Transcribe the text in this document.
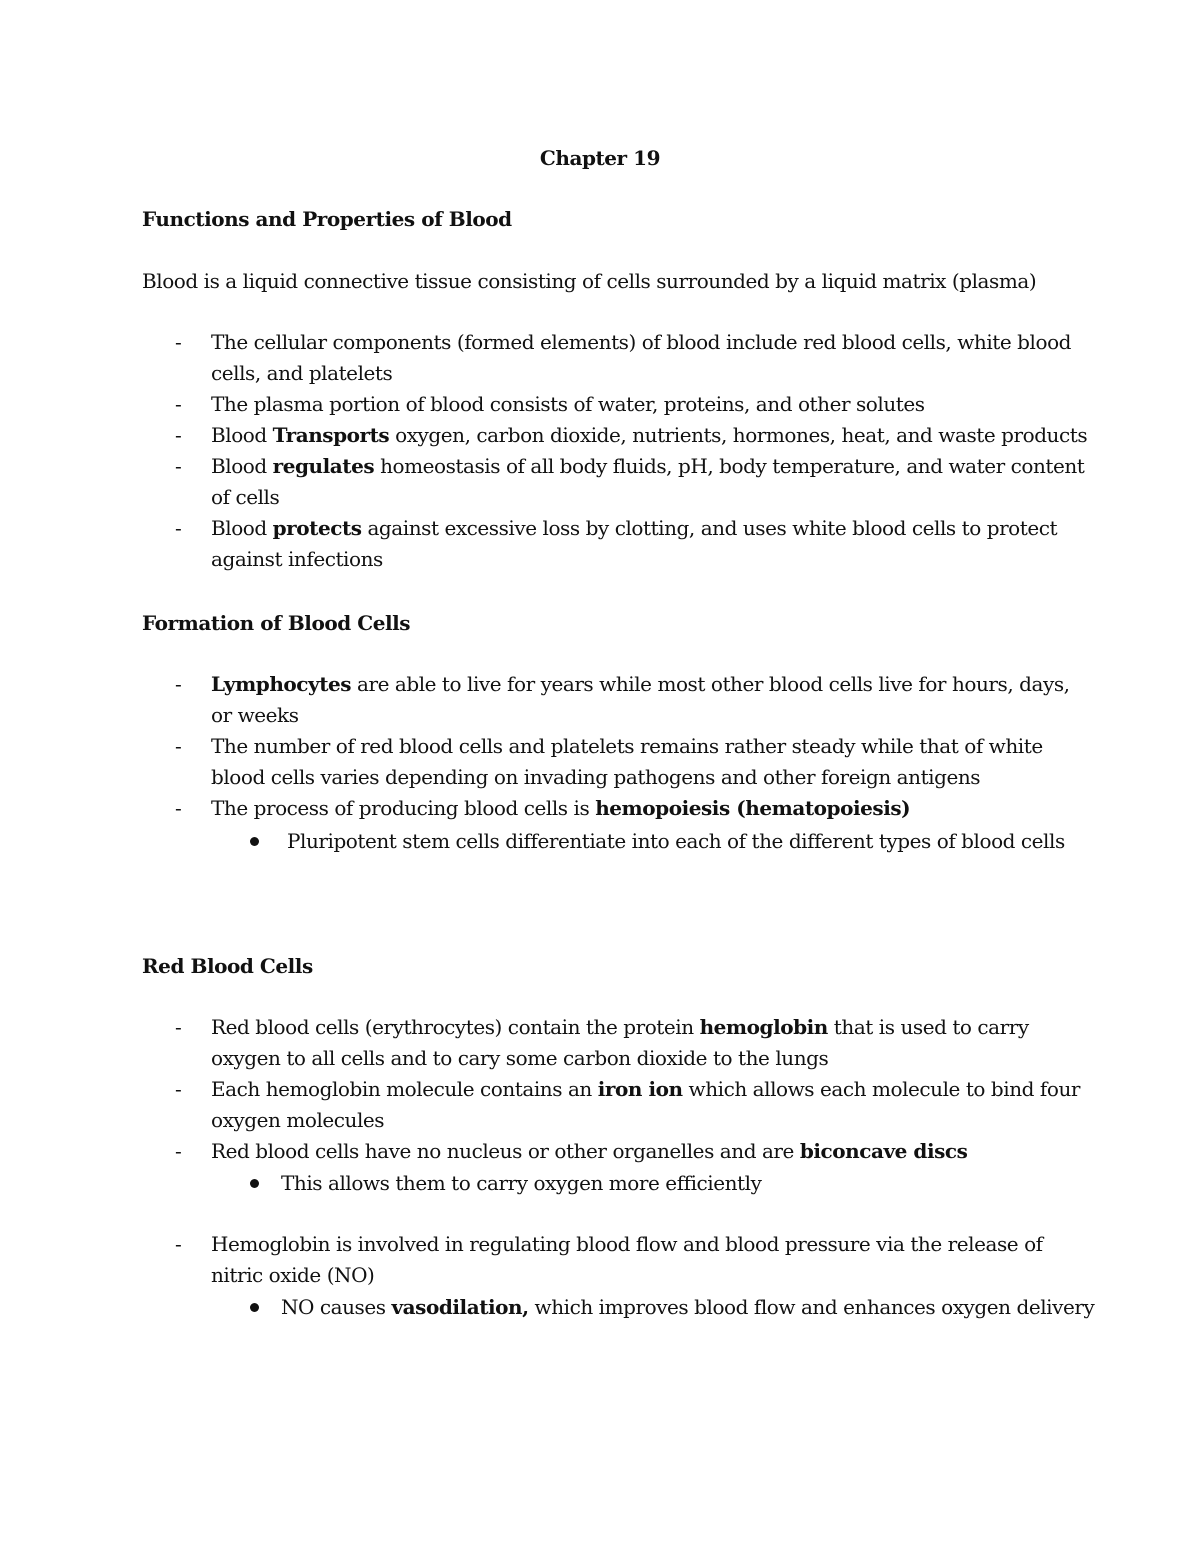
Chapter 19
Functions and Properties of Blood
Blood is a liquid connective tissue consisting of cells surrounded by a liquid matrix (plasma)
- The cellular components (formed elements) of blood include red blood cells, white blood cells, and platelets
- The plasma portion of blood consists of water, proteins, and other solutes
- Blood Transports oxygen, carbon dioxide, nutrients, hormones, heat, and waste products
- Blood regulates homeostasis of all body fluids, pH, body temperature, and water content of cells
- Blood protects against excessive loss by clotting, and uses white blood cells to protect against infections
Formation of Blood Cells
- Lymphocytes are able to live for years while most other blood cells live for hours, days, or weeks
- The number of red blood cells and platelets remains rather steady while that of white blood cells varies depending on invading pathogens and other foreign antigens
- The process of producing blood cells is hemopoiesis (hematopoiesis)
Pluripotent stem cells differentiate into each of the different types of blood cells
Red Blood Cells
- Red blood cells (erythrocytes) contain the protein hemoglobin that is used to carry oxygen to all cells and to cary some carbon dioxide to the lungs
- Each hemoglobin molecule contains an iron ion which allows each molecule to bind four oxygen molecules
- Red blood cells have no nucleus or other organelles and are biconcave discs
This allows them to carry oxygen more efficiently
- Hemoglobin is involved in regulating blood flow and blood pressure via the release of nitric oxide (NO)
NO causes vasodilation, which improves blood flow and enhances oxygen delivery
